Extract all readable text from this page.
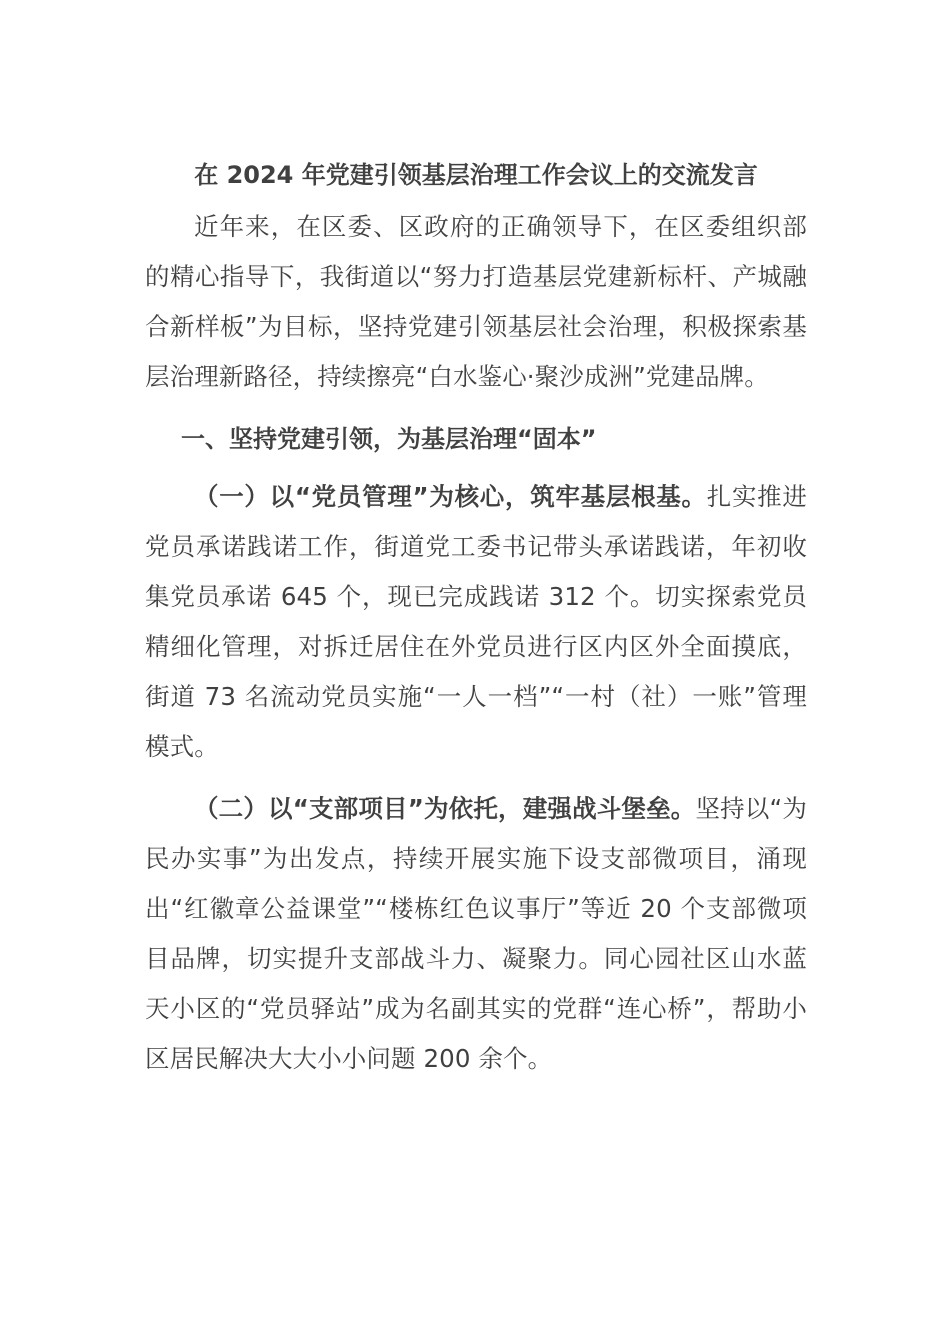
在 2024 年党建引领基层治理工作会议上的交流发言

近年来，在区委、区政府的正确领导下，在区委组织部的精心指导下，我街道以“努力打造基层党建新标杆、产城融合新样板”为目标，坚持党建引领基层社会治理，积极探索基层治理新路径，持续擦亮“白水鉴心·聚沙成洲”党建品牌。

一、坚持党建引领，为基层治理“固本”

（一）以“党员管理”为核心，筑牢基层根基。扎实推进党员承诺践诺工作，街道党工委书记带头承诺践诺，年初收集党员承诺 645 个，现已完成践诺 312 个。切实探索党员精细化管理，对拆迁居住在外党员进行区内区外全面摸底，街道 73 名流动党员实施“一人一档”“一村（社）一账”管理模式。

（二）以“支部项目”为依托，建强战斗堡垒。坚持以“为民办实事”为出发点，持续开展实施下设支部微项目，涌现出“红徽章公益课堂”“楼栋红色议事厅”等近 20 个支部微项目品牌，切实提升支部战斗力、凝聚力。同心园社区山水蓝天小区的“党员驿站”成为名副其实的党群“连心桥”，帮助小区居民解决大大小小问题 200 余个。
